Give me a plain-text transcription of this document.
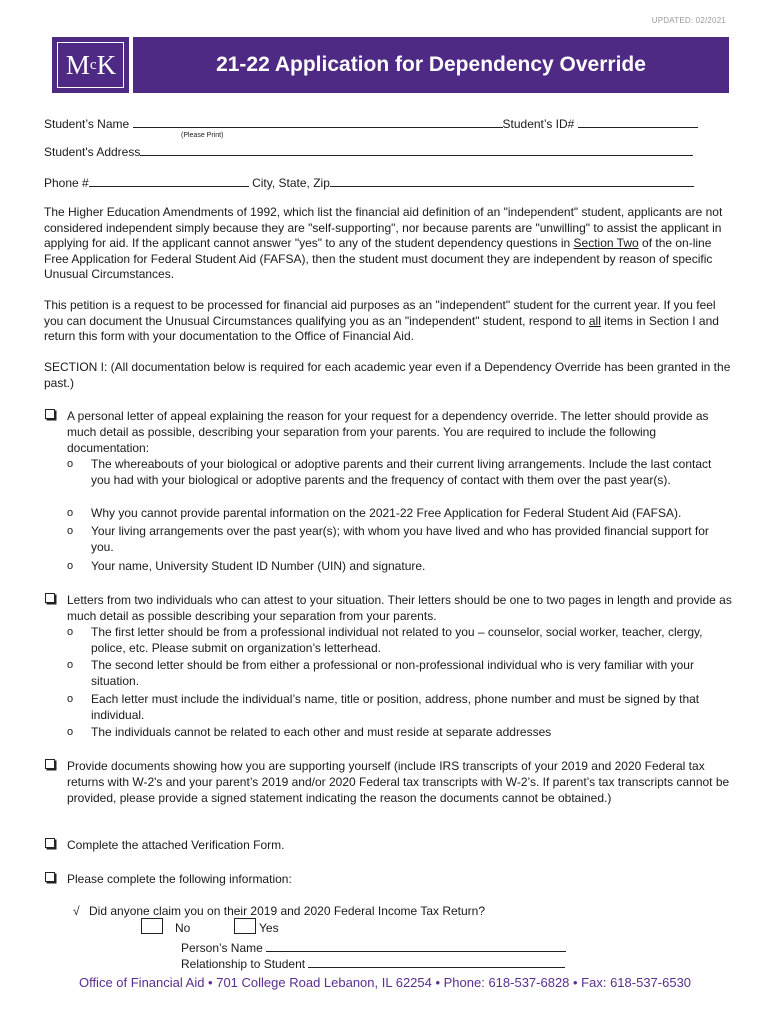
UPDATED: 02/2021
M c K	21-22 Application for Dependency Override
Student’s Name	Student’s ID#
(Please Print)
Student's Address
Phone #	City, State, Zip
The Higher Education Amendments of 1992, which list the financial aid definition of an "independent" student, applicants are not considered independent simply because they are "self-supporting", nor because parents are "unwilling" to assist the applicant in applying for aid. If the applicant cannot answer "yes" to any of the student dependency questions in Section Two of the on-line Free Application for Federal Student Aid (FAFSA), then the student must document they are independent by reason of specific Unusual Circumstances.
This petition is a request to be processed for financial aid purposes as an "independent" student for the current year. If you feel you can document the Unusual Circumstances qualifying you as an "independent" student, respond to all items in Section I and return this form with your documentation to the Office of Financial Aid.
SECTION I: (All documentation below is required for each academic year even if a Dependency Override has been granted in the past.)
A personal letter of appeal explaining the reason for your request for a dependency override. The letter should provide as much detail as possible, describing your separation from your parents. You are required to include the following documentation:
o The whereabouts of your biological or adoptive parents and their current living arrangements. Include the last contact you had with your biological or adoptive parents and the frequency of contact with them over the past year(s).
o Why you cannot provide parental information on the 2021-22 Free Application for Federal Student Aid (FAFSA).
o Your living arrangements over the past year(s); with whom you have lived and who has provided financial support for you.
o Your name, University Student ID Number (UIN) and signature.
Letters from two individuals who can attest to your situation. Their letters should be one to two pages in length and provide as much detail as possible describing your separation from your parents.
o The first letter should be from a professional individual not related to you – counselor, social worker, teacher, clergy, police, etc. Please submit on organization’s letterhead.
o The second letter should be from either a professional or non-professional individual who is very familiar with your situation.
o Each letter must include the individual’s name, title or position, address, phone number and must be signed by that individual.
o The individuals cannot be related to each other and must reside at separate addresses
Provide documents showing how you are supporting yourself (include IRS transcripts of your 2019 and 2020 Federal tax returns with W-2's and your parent’s 2019 and/or 2020 Federal tax transcripts with W-2’s. If parent’s tax transcripts cannot be provided, please provide a signed statement indicating the reason the documents cannot be obtained.)
Complete the attached Verification Form.
Please complete the following information:
√ Did anyone claim you on their 2019 and 2020 Federal Income Tax Return?
No	Yes
Person’s Name
Relationship to Student
Office of Financial Aid • 701 College Road Lebanon, IL 62254 • Phone: 618-537-6828 • Fax: 618-537-6530
